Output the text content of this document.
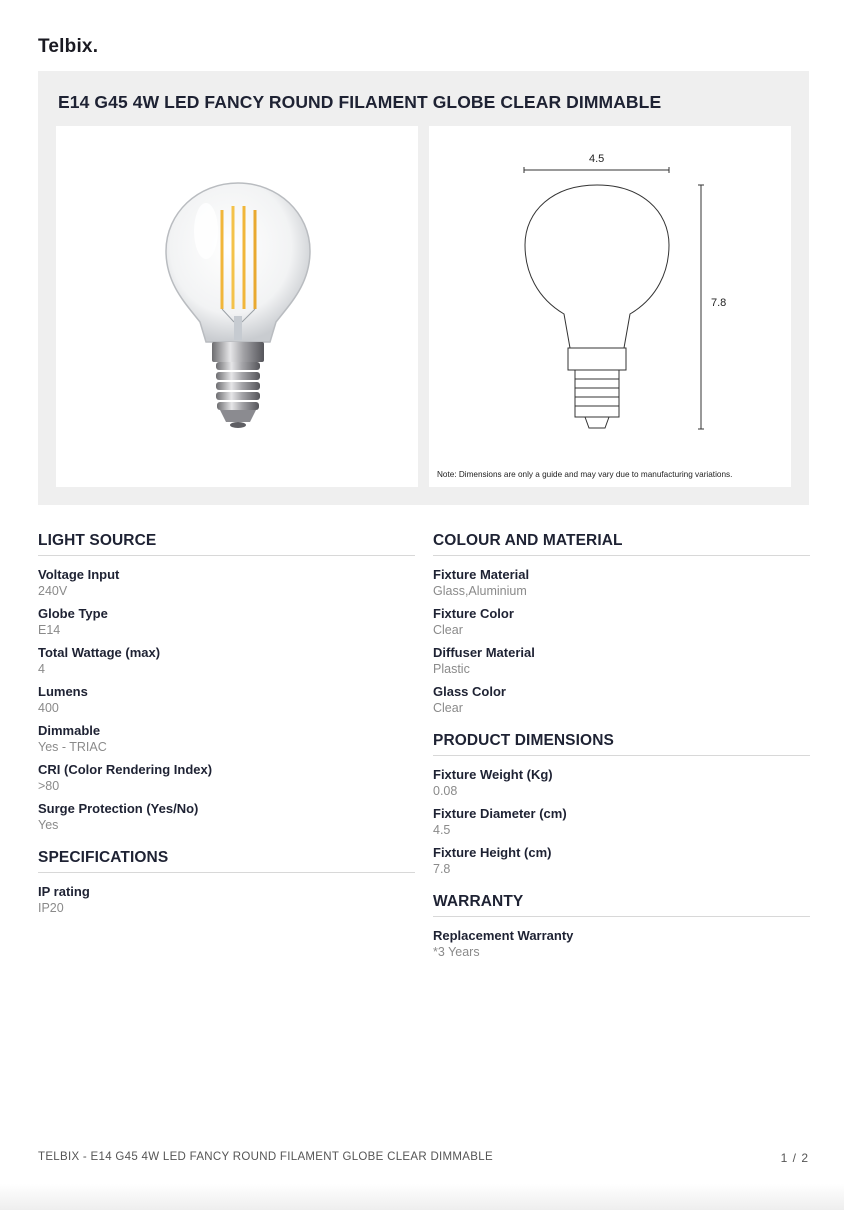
Telbix.
E14 G45 4W LED FANCY ROUND FILAMENT GLOBE CLEAR DIMMABLE
4.5
7.8
Note: Dimensions are only a guide and may vary due to manufacturing variations.
LIGHT SOURCE
Voltage Input
240V
Globe Type
E14
Total Wattage (max)
4
Lumens
400
Dimmable
Yes - TRIAC
CRI (Color Rendering Index)
>80
Surge Protection (Yes/No)
Yes
SPECIFICATIONS
IP rating
IP20
COLOUR AND MATERIAL
Fixture Material
Glass,Aluminium
Fixture Color
Clear
Diffuser Material
Plastic
Glass Color
Clear
PRODUCT DIMENSIONS
Fixture Weight (Kg)
0.08
Fixture Diameter (cm)
4.5
Fixture Height (cm)
7.8
WARRANTY
Replacement Warranty
*3 Years
TELBIX - E14 G45 4W LED FANCY ROUND FILAMENT GLOBE CLEAR DIMMABLE	1 / 2
